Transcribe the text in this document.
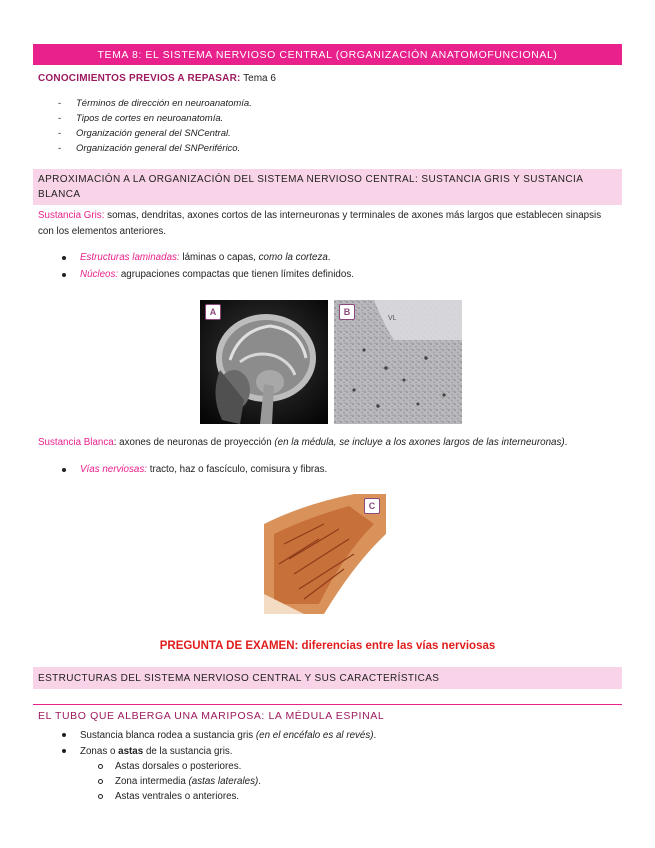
TEMA 8: EL SISTEMA NERVIOSO CENTRAL (ORGANIZACIÓN ANATOMOFUNCIONAL)
CONOCIMIENTOS PREVIOS A REPASAR: Tema 6
-	Términos de dirección en neuroanatomía.
-	Tipos de cortes en neuroanatomía.
-	Organización general del SNCentral.
-	Organización general del SNPeriférico.
APROXIMACIÓN A LA ORGANIZACIÓN DEL SISTEMA NERVIOSO CENTRAL: SUSTANCIA GRIS Y SUSTANCIA BLANCA
Sustancia Gris: somas, dendritas, axones cortos de las interneuronas y terminales de axones más largos que establecen sinapsis con los elementos anteriores.
Estructuras laminadas:
láminas o capas,
como la corteza .
Núcleos:
agrupaciones compactas que tienen límites definidos.
A
VL
B
Sustancia Blanca: axones de neuronas de proyección (en la médula, se incluye a los axones largos de las interneuronas).
Vías nerviosas:
tracto, haz o fascículo, comisura y fibras.
C
PREGUNTA DE EXAMEN: diferencias entre las vías nerviosas
ESTRUCTURAS DEL SISTEMA NERVIOSO CENTRAL Y SUS CARACTERÍSTICAS
EL TUBO QUE ALBERGA UNA MARIPOSA: LA MÉDULA ESPINAL
Sustancia blanca rodea a sustancia gris
(en el encéfalo es al revés) .
Zonas o
astas
de la sustancia gris.
Astas dorsales o posteriores.
Zona intermedia
(astas laterales) .
Astas ventrales o anteriores.
